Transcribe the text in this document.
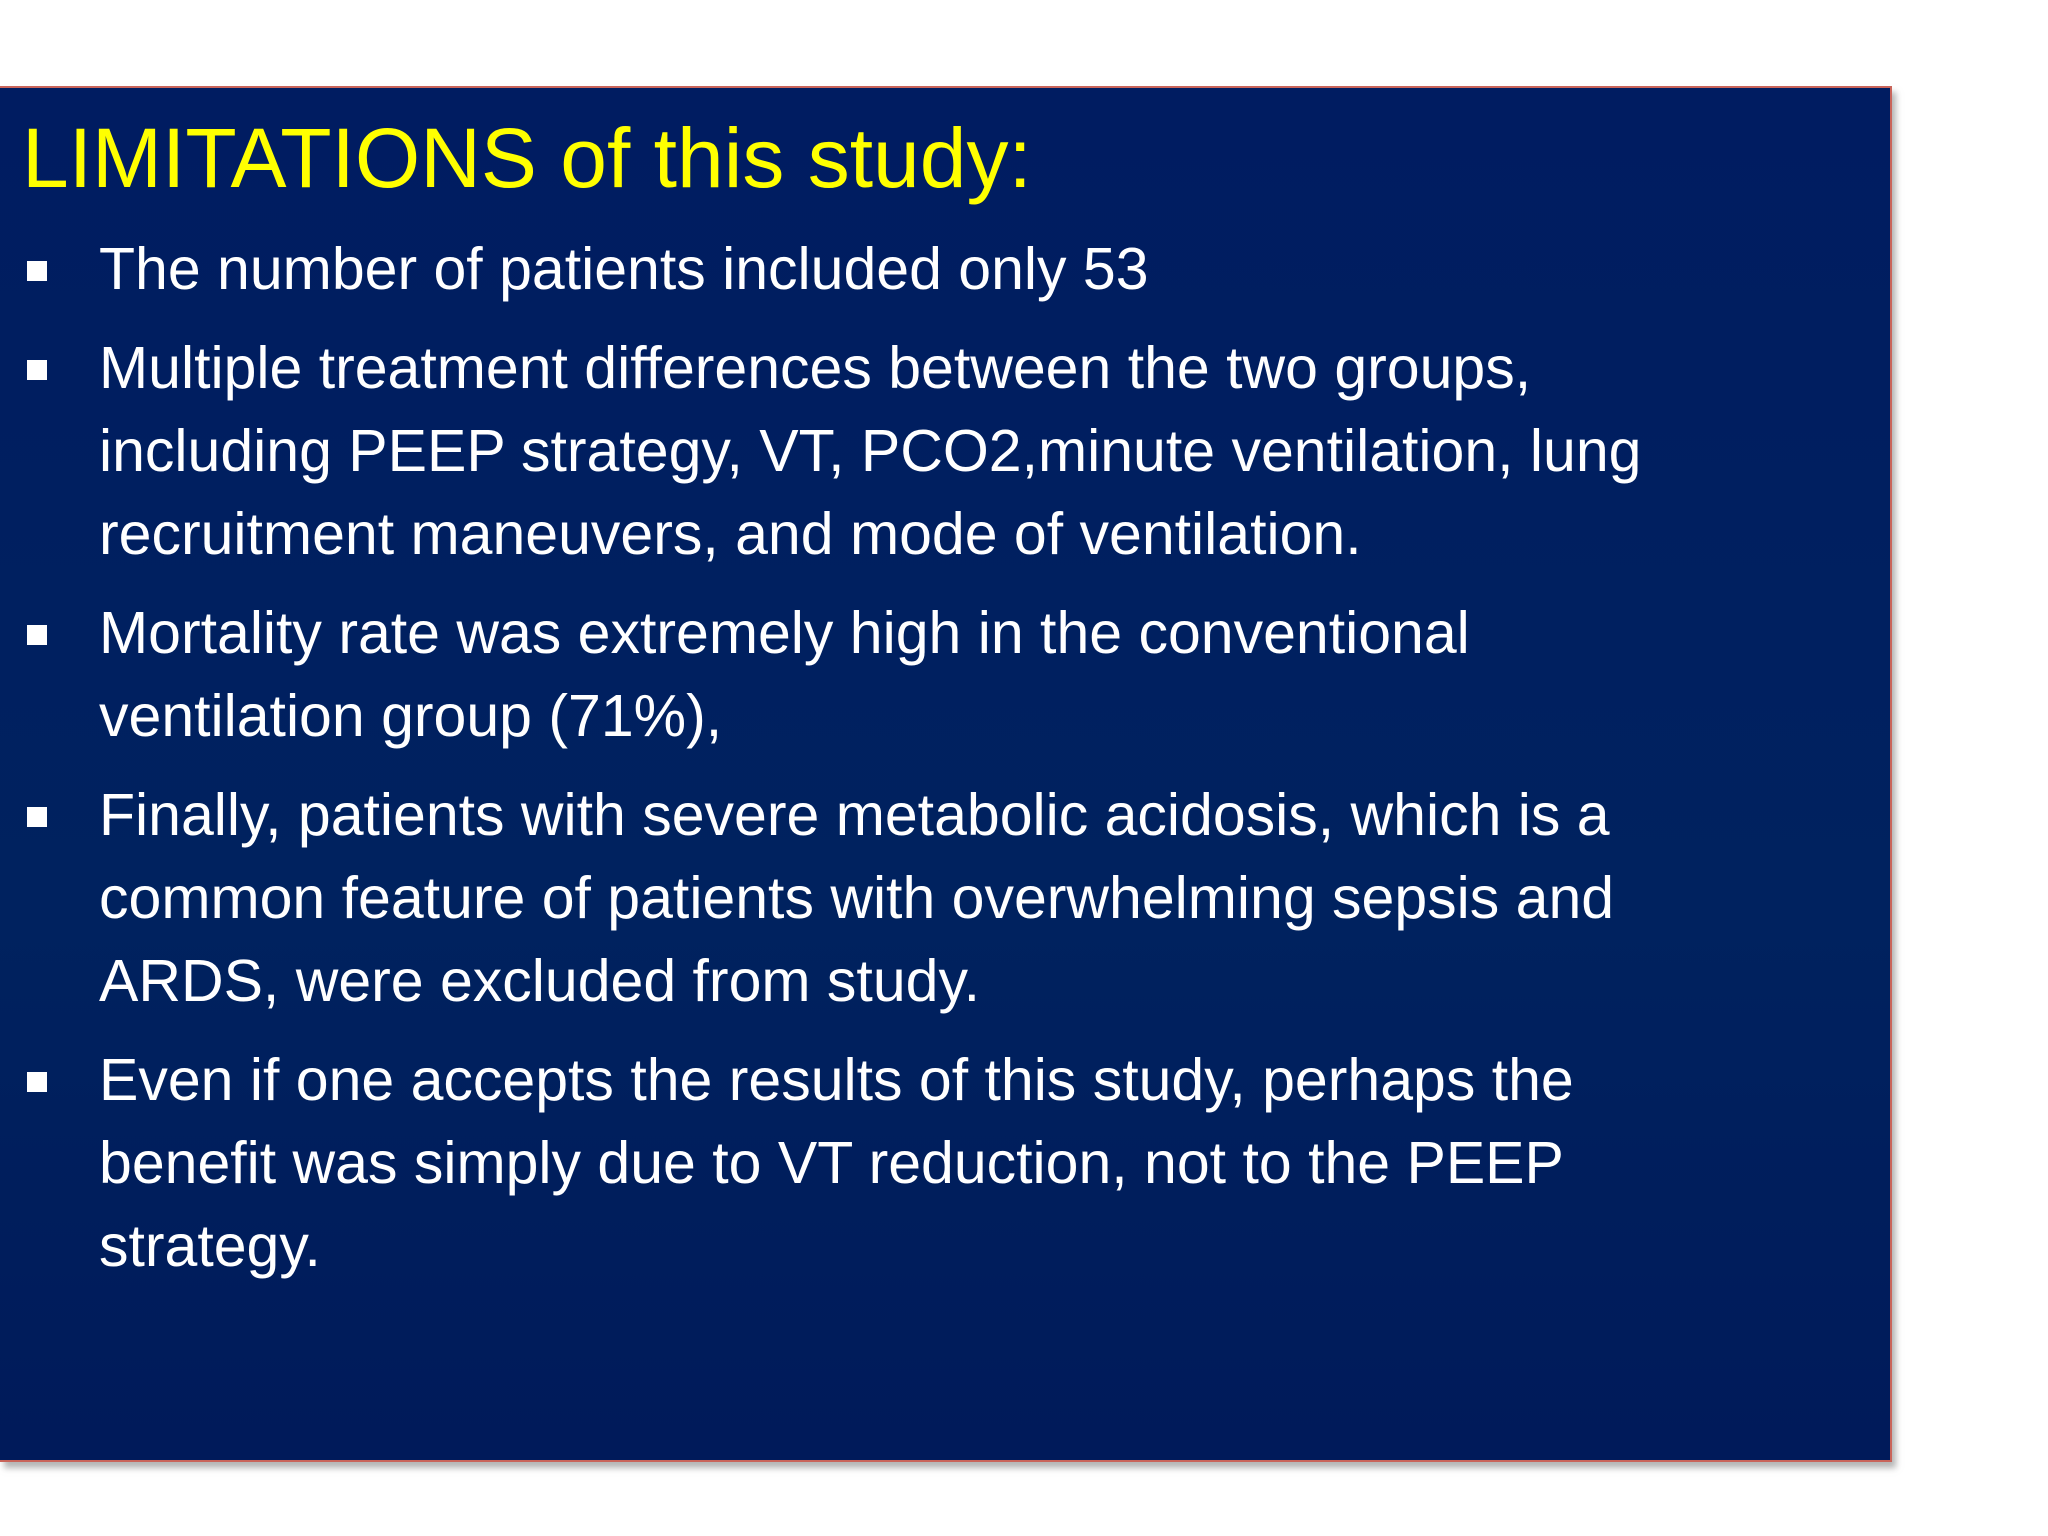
LIMITATIONS of this study:
The number of patients included only 53
Multiple treatment differences between the two groups,
including PEEP strategy, VT, PCO2,minute ventilation, lung
recruitment maneuvers, and mode of ventilation.
Mortality rate was extremely high in the conventional
ventilation group (71%),
Finally, patients with severe metabolic acidosis, which is a
common feature of patients with overwhelming sepsis and
ARDS, were excluded from study.
Even if one accepts the results of this study, perhaps the
benefit was simply due to VT reduction, not to the PEEP
strategy.
